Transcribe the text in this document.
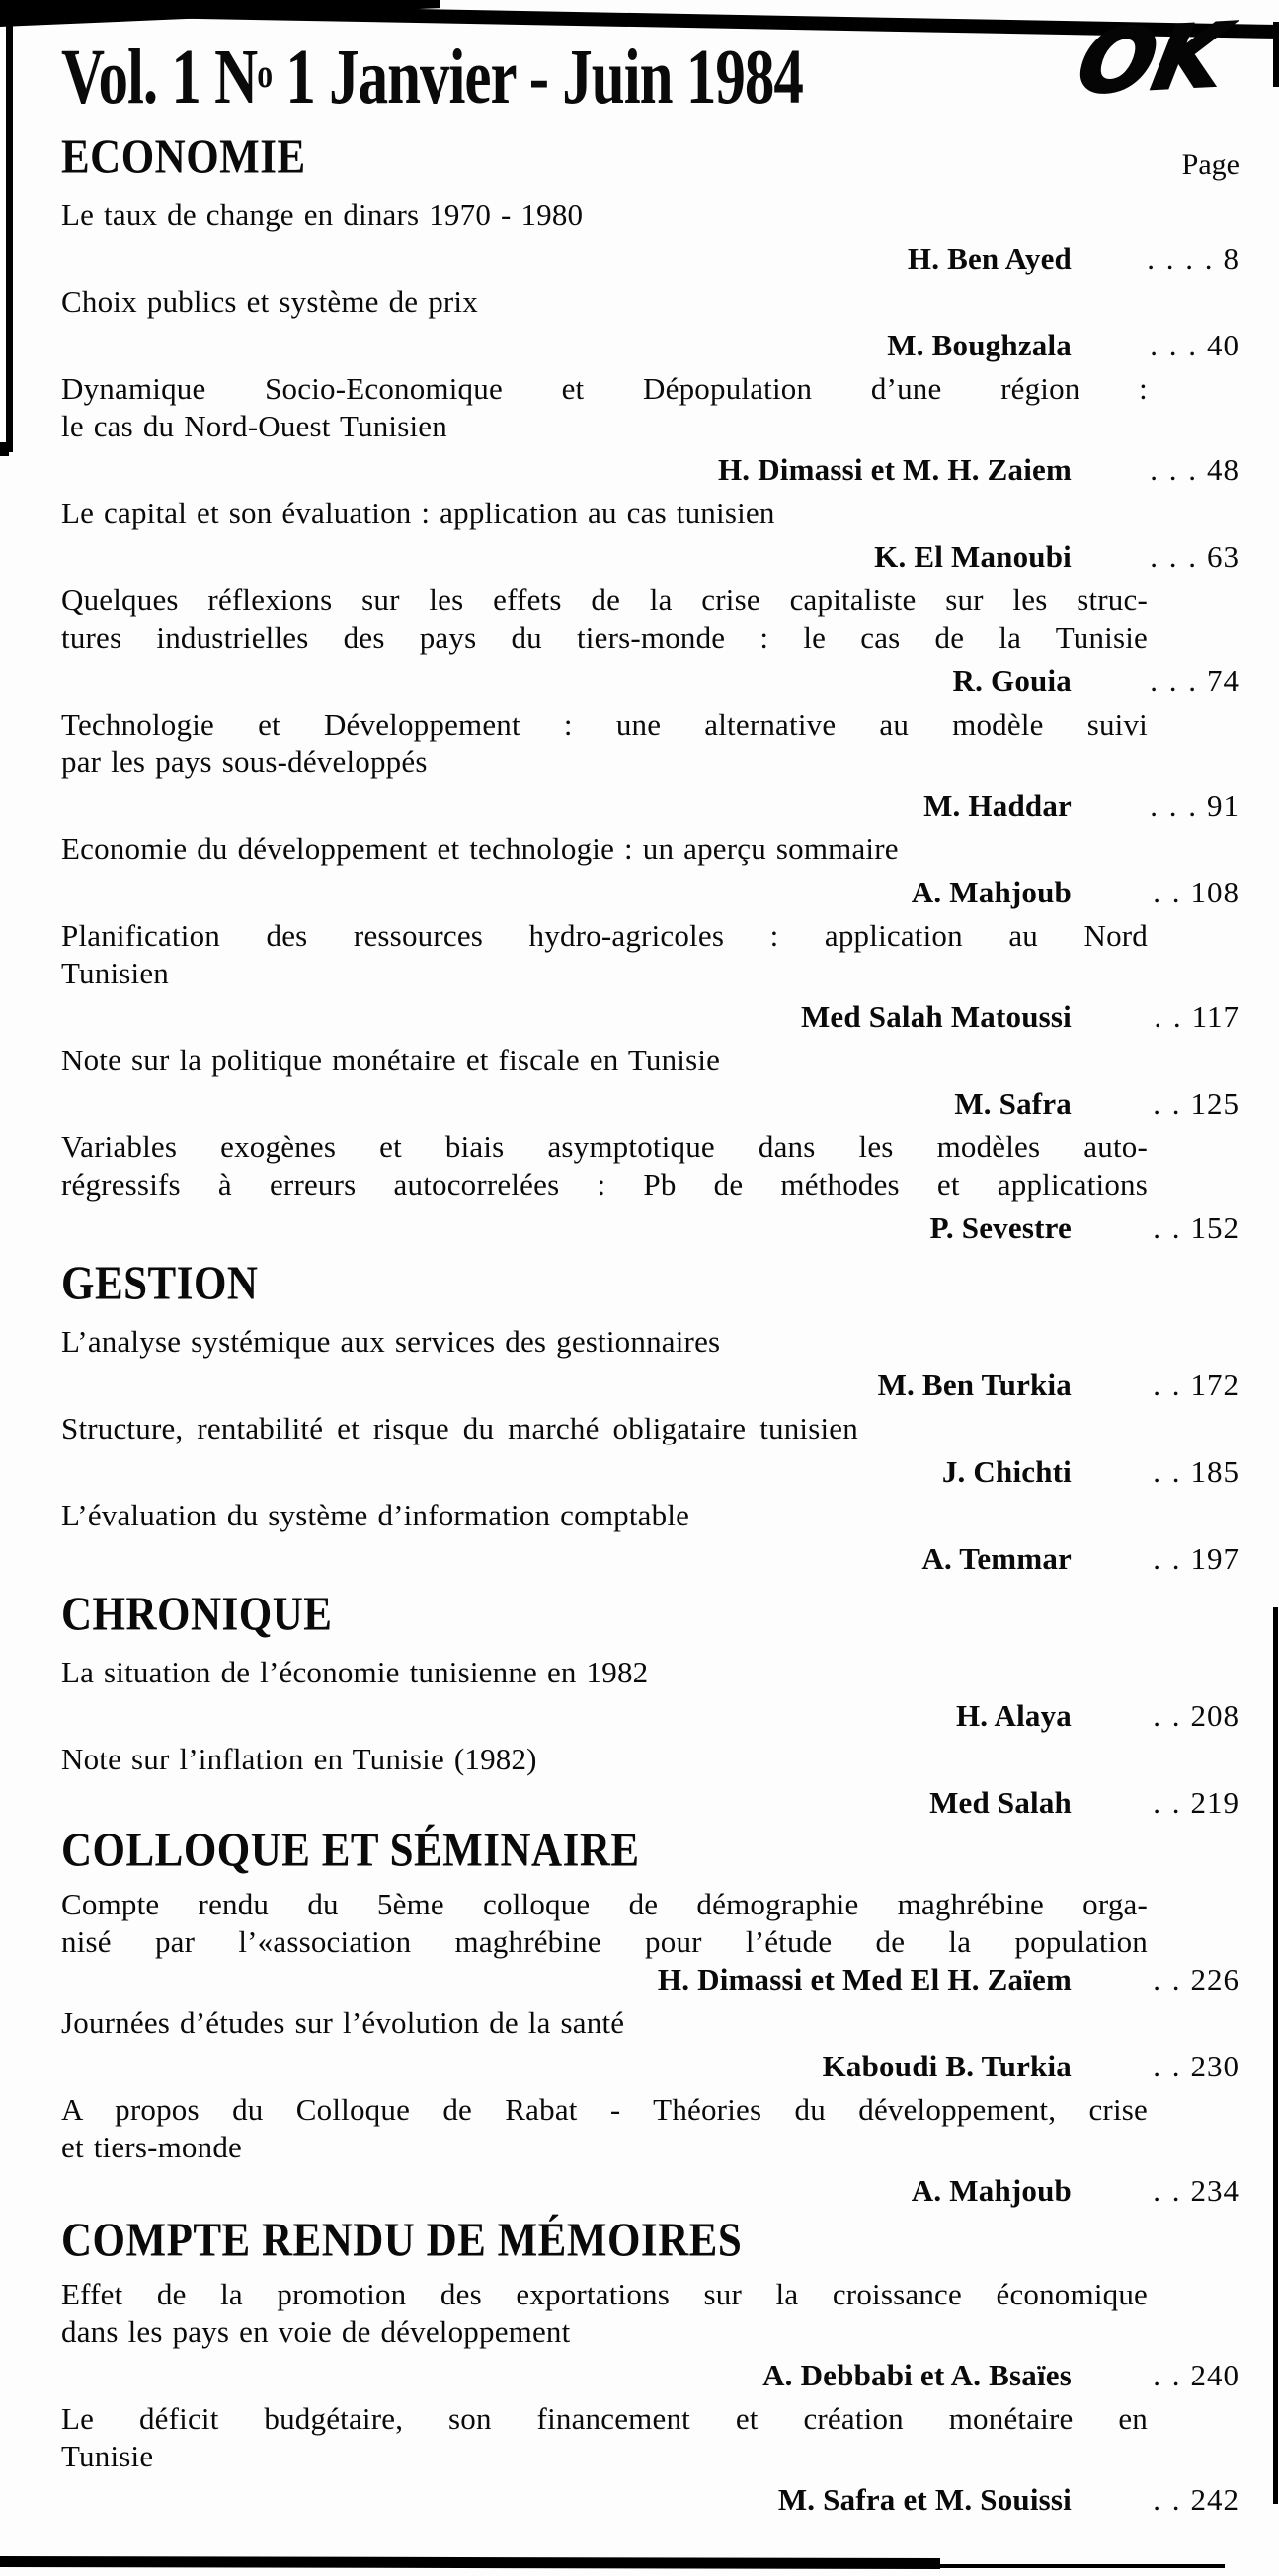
Vol. 1 $N^o$ 1 Janvier - Juin 1984	OK
ECONOMIE	Page
Le taux de change en dinars 1970 - 1980
H. Ben Ayed . . . . 8
Choix publics et système de prix
M. Boughzala	. . . 40
Dynamique Socio-Economique et Dépopulation d’une région :
le cas du Nord-Ouest Tunisien
H. Dimassi et M. H. Zaiem	. . . 48
Le capital et son évaluation : application au cas tunisien
K. El Manoubi	. . . 63
Quelques réflexions sur les effets de la crise capitaliste sur les struc-
tures industrielles des pays du tiers-monde : le cas de la Tunisie
R. Gouia	. . . 74
Technologie et Développement : une alternative au modèle suivi
par les pays sous-développés
M. Haddar	. . . 91
Economie du développement et technologie : un aperçu sommaire
A. Mahjoub	. . 108
Planification des ressources hydro-agricoles : application au Nord
Tunisien
Med Salah Matoussi	. . 117
Note sur la politique monétaire et fiscale en Tunisie
M. Safra	. . 125
Variables exogènes et biais asymptotique dans les modèles auto-
régressifs à erreurs autocorrelées : Pb de méthodes et applications
P. Sevestre	. . 152
GESTION
L’analyse systémique aux services des gestionnaires
M. Ben Turkia	. . 172
Structure, rentabilité et risque du marché obligataire tunisien
J. Chichti	. . 185
L’évaluation du système d’information comptable
A. Temmar	. . 197
CHRONIQUE
La situation de l’économie tunisienne en 1982
H. Alaya	. . 208
Note sur l’inflation en Tunisie (1982)
Med Salah	. . 219
COLLOQUE ET SÉMINAIRE
Compte rendu du 5ème colloque de démographie maghrébine orga-
nisé par l’«association maghrébine pour l’étude de la population
H. Dimassi et Med El H. Zaïem	. . 226
Journées d’études sur l’évolution de la santé
Kaboudi B. Turkia	. . 230
A propos du Colloque de Rabat - Théories du développement, crise
et tiers-monde
A. Mahjoub	. . 234
COMPTE RENDU DE MÉMOIRES
Effet de la promotion des exportations sur la croissance économique
dans les pays en voie de développement
A. Debbabi et A. Bsaïes	. . 240
Le déficit budgétaire, son financement et création monétaire en
Tunisie
M. Safra et M. Souissi	. . 242
